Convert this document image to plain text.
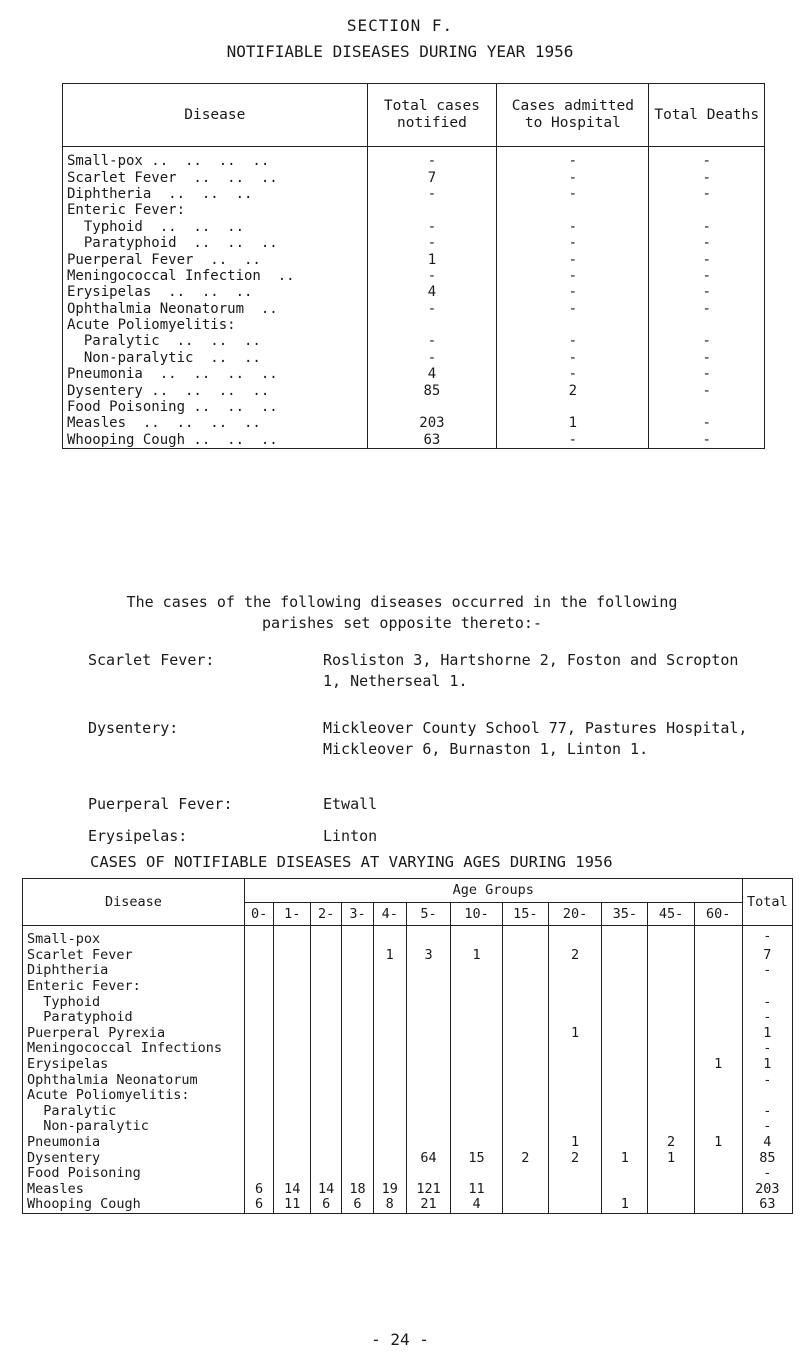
SECTION F.
NOTIFIABLE DISEASES DURING YEAR 1956
Disease	Total cases notified	Cases admitted to Hospital	Total Deaths
Small-pox ..  ..  ..  ..	-	-	-
Scarlet Fever  ..  ..  ..	7	-	-
Diphtheria  ..  ..  ..	-	-	-
Enteric Fever:			
Typhoid  ..  ..  ..	-	-	-
Paratyphoid  ..  ..  ..	-	-	-
Puerperal Fever  ..  ..	1	-	-
Meningococcal Infection  ..	-	-	-
Erysipelas  ..  ..  ..	4	-	-
Ophthalmia Neonatorum  ..	-	-	-
Acute Poliomyelitis:			
Paralytic  ..  ..  ..	-	-	-
Non-paralytic  ..  ..	-	-	-
Pneumonia  ..  ..  ..  ..	4	-	-
Dysentery ..  ..  ..  ..	85	2	-
Food Poisoning ..  ..  ..			
Measles  ..  ..  ..  ..	203	1	-
Whooping Cough ..  ..  ..	63	-	-
The cases of the following diseases occurred in the following parishes set opposite thereto:-
Scarlet Fever:	Rosliston 3, Hartshorne 2, Foston and Scropton 1, Netherseal 1.
Dysentery:	Mickleover County School 77, Pastures Hospital, Mickleover 6, Burnaston 1, Linton 1.
Puerperal Fever:	Etwall
Erysipelas:	Linton
CASES OF NOTIFIABLE DISEASES AT VARYING AGES DURING 1956
Disease	Age Groups												Total
	0-	1-	2-	3-	4-	5-	10-	15-	20-	35-	45-	60-	
Small-pox													-
Scarlet Fever					1	3	1		2				7
Diphtheria													-
Enteric Fever:													
Typhoid													-
Paratyphoid													-
Puerperal Pyrexia									1				1
Meningococcal Infections													-
Erysipelas												1	1
Ophthalmia Neonatorum													-
Acute Poliomyelitis:													
Paralytic													-
Non-paralytic													-
Pneumonia									1		2	1	4
Dysentery						64	15	2	2	1	1		85
Food Poisoning													-
Measles	6	14	14	18	19	121	11						203
Whooping Cough	6	11	6	6	8	21	4			1			63
- 24 -
